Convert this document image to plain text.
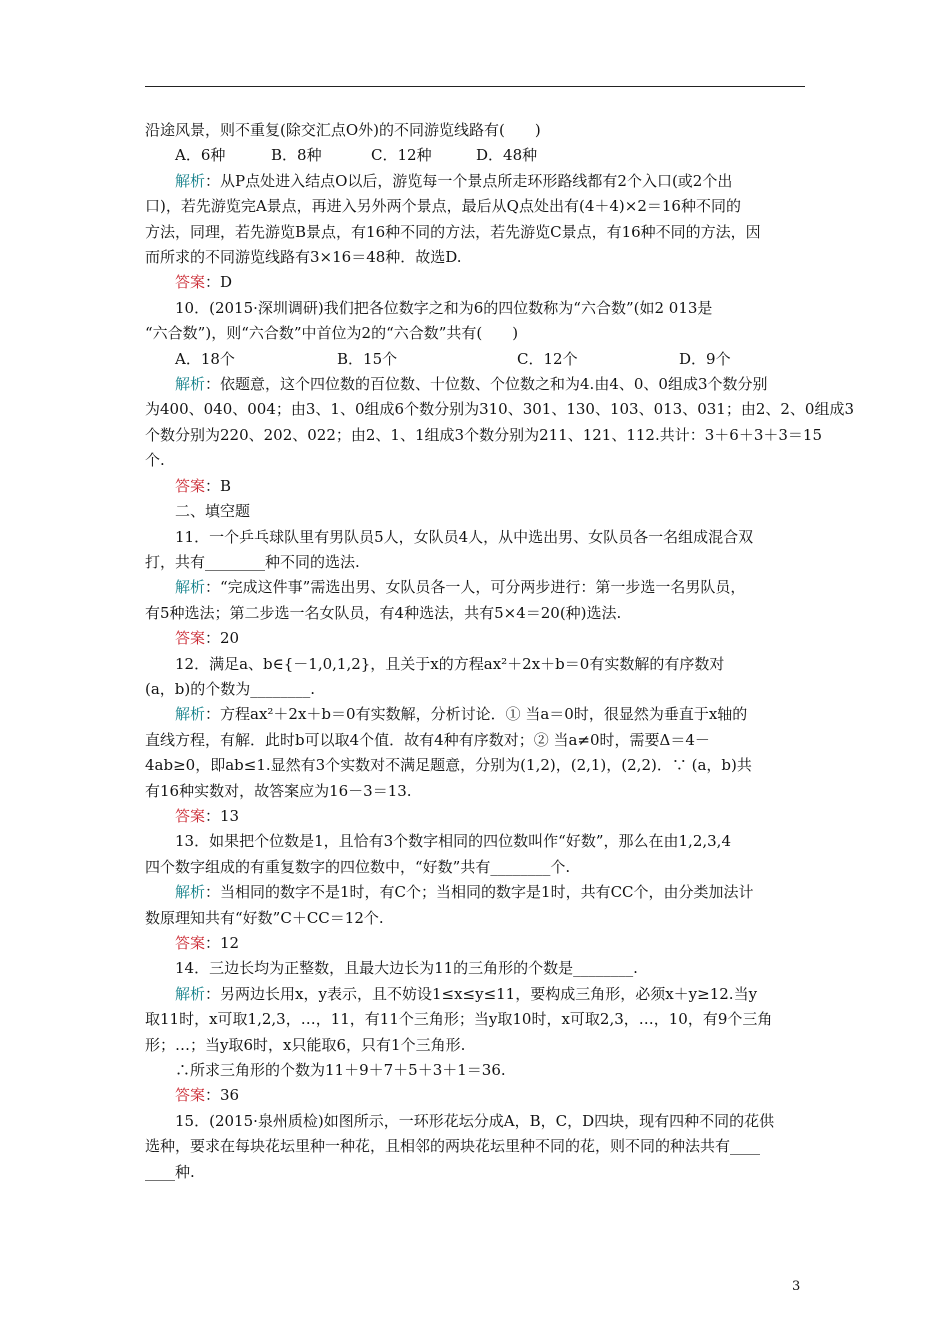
沿途风景，则不重复(除交汇点O外)的不同游览线路有(　　)

A．6种	B．8种	C．12种	D．48种

解析：从P点处进入结点O以后，游览每一个景点所走环形路线都有2个入口(或2个出

口)，若先游览完A景点，再进入另外两个景点，最后从Q点处出有(4＋4)×2＝16种不同的

方法，同理，若先游览B景点，有16种不同的方法，若先游览C景点，有16种不同的方法，因

而所求的不同游览线路有3×16＝48种．故选D.

答案：D

10．(2015·深圳调研)我们把各位数字之和为6的四位数称为“六合数”(如2 013是

“六合数”)，则“六合数”中首位为2的“六合数”共有(　　)

A．18个	B．15个	C．12个	D．9个

解析：依题意，这个四位数的百位数、十位数、个位数之和为4.由4、0、0组成3个数分别

为400、040、004；由3、1、0组成6个数分别为310、301、130、103、013、031；由2、2、0组成3

个数分别为220、202、022；由2、1、1组成3个数分别为211、121、112.共计：3＋6＋3＋3＝15

个.

答案：B

二、填空题

11．一个乒乓球队里有男队员5人，女队员4人，从中选出男、女队员各一名组成混合双

打，共有________种不同的选法.

解析：“完成这件事”需选出男、女队员各一人，可分两步进行：第一步选一名男队员，

有5种选法；第二步选一名女队员，有4种选法，共有5×4＝20(种)选法.

答案：20

12．满足a、b∈{－1,0,1,2}，且关于x的方程ax²＋2x＋b＝0有实数解的有序数对

(a，b)的个数为________.

解析：方程ax²＋2x＋b＝0有实数解，分析讨论．① 当a＝0时，很显然为垂直于x轴的

直线方程，有解．此时b可以取4个值．故有4种有序数对；② 当a≠0时，需要Δ＝4－

4ab≥0，即ab≤1.显然有3个实数对不满足题意，分别为(1,2)，(2,1)，(2,2)．∵ (a，b)共

有16种实数对，故答案应为16－3＝13.

答案：13

13．如果把个位数是1，且恰有3个数字相同的四位数叫作“好数”，那么在由1,2,3,4

四个数字组成的有重复数字的四位数中，“好数”共有________个.

解析：当相同的数字不是1时，有C个；当相同的数字是1时，共有CC个，由分类加法计

数原理知共有“好数”C＋CC＝12个.

答案：12

14．三边长均为正整数，且最大边长为11的三角形的个数是________.

解析：另两边长用x，y表示，且不妨设1≤x≤y≤11，要构成三角形，必须x＋y≥12.当y

取11时，x可取1,2,3，…，11，有11个三角形；当y取10时，x可取2,3，…，10，有9个三角

形；…；当y取6时，x只能取6，只有1个三角形.

∴所求三角形的个数为11＋9＋7＋5＋3＋1＝36.

答案：36

15．(2015·泉州质检)如图所示，一环形花坛分成A，B，C，D四块，现有四种不同的花供

选种，要求在每块花坛里种一种花，且相邻的两块花坛里种不同的花，则不同的种法共有____

____种.

3
